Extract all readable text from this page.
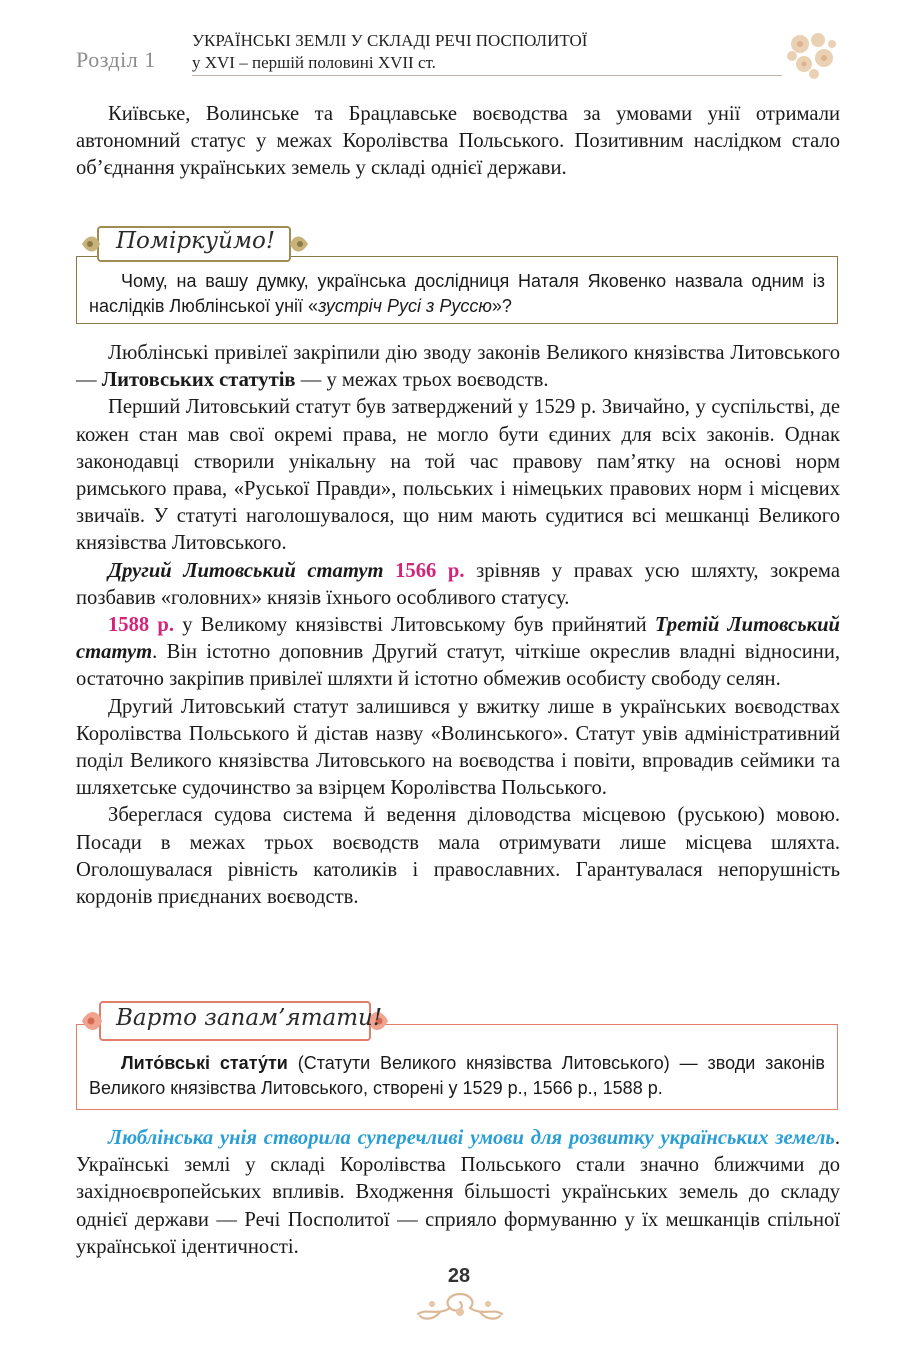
Розділ 1
УКРАЇНСЬКІ ЗЕМЛІ У СКЛАДІ РЕЧІ ПОСПОЛИТОЇ
у XVI – першій половині XVII ст.

Київське, Волинське та Брацлавське воєводства за умовами унії отримали автономний статус у межах Королівства Польського. Позитивним наслідком стало об’єднання українських земель у складі однієї держави.

Чому, на вашу думку, українська дослідниця Наталя Яковенко назвала одним із наслідків Люблінської унії «зустріч Русі з Руссю»?

Поміркуймо!

Люблінські привілеї закріпили дію зводу законів Великого князівства Литовського — Литовських статутів — у межах трьох воєводств.

Перший Литовський статут був затверджений у 1529 р. Звичайно, у суспільстві, де кожен стан мав свої окремі права, не могло бути єдиних для всіх законів. Однак законодавці створили унікальну на той час правову пам’ятку на основі норм римського права, «Руської Правди», польських і німецьких правових норм і місцевих звичаїв. У статуті наголошувалося, що ним мають судитися всі мешканці Великого князівства Литовського.

Другий Литовський статут 1566 р. зрівняв у правах усю шляхту, зокрема позбавив «головних» князів їхнього особливого статусу.

1588 р. у Великому князівстві Литовському був прийнятий Третій Литовський статут. Він істотно доповнив Другий статут, чіткіше окреслив владні відносини, остаточно закріпив привілеї шляхти й істотно обмежив особисту свободу селян.

Другий Литовський статут залишився у вжитку лише в українських воєводствах Королівства Польського й дістав назву «Волинського». Статут увів адміністративний поділ Великого князівства Литовського на воєводства і повіти, впровадив сеймики та шляхетське судочинство за взірцем Королівства Польського.

Збереглася судова система й ведення діловодства місцевою (руською) мовою. Посади в межах трьох воєводств мала отримувати лише місцева шляхта. Оголошувалася рівність католиків і православних. Гарантувалася непорушність кордонів приєднаних воєводств.

Лито́вські стату́ти (Статути Великого князівства Литовського) — зводи законів Великого князівства Литовського, створені у 1529 р., 1566 р., 1588 р.

Варто запам’ятати!

Люблінська унія створила суперечливі умови для розвитку українських земель. Українські землі у складі Королівства Польського стали значно ближчими до західноєвропейських впливів. Входження більшості українських земель до складу однієї держави — Речі Посполитої — сприяло формуванню у їх мешканців спільної української ідентичності.

28
